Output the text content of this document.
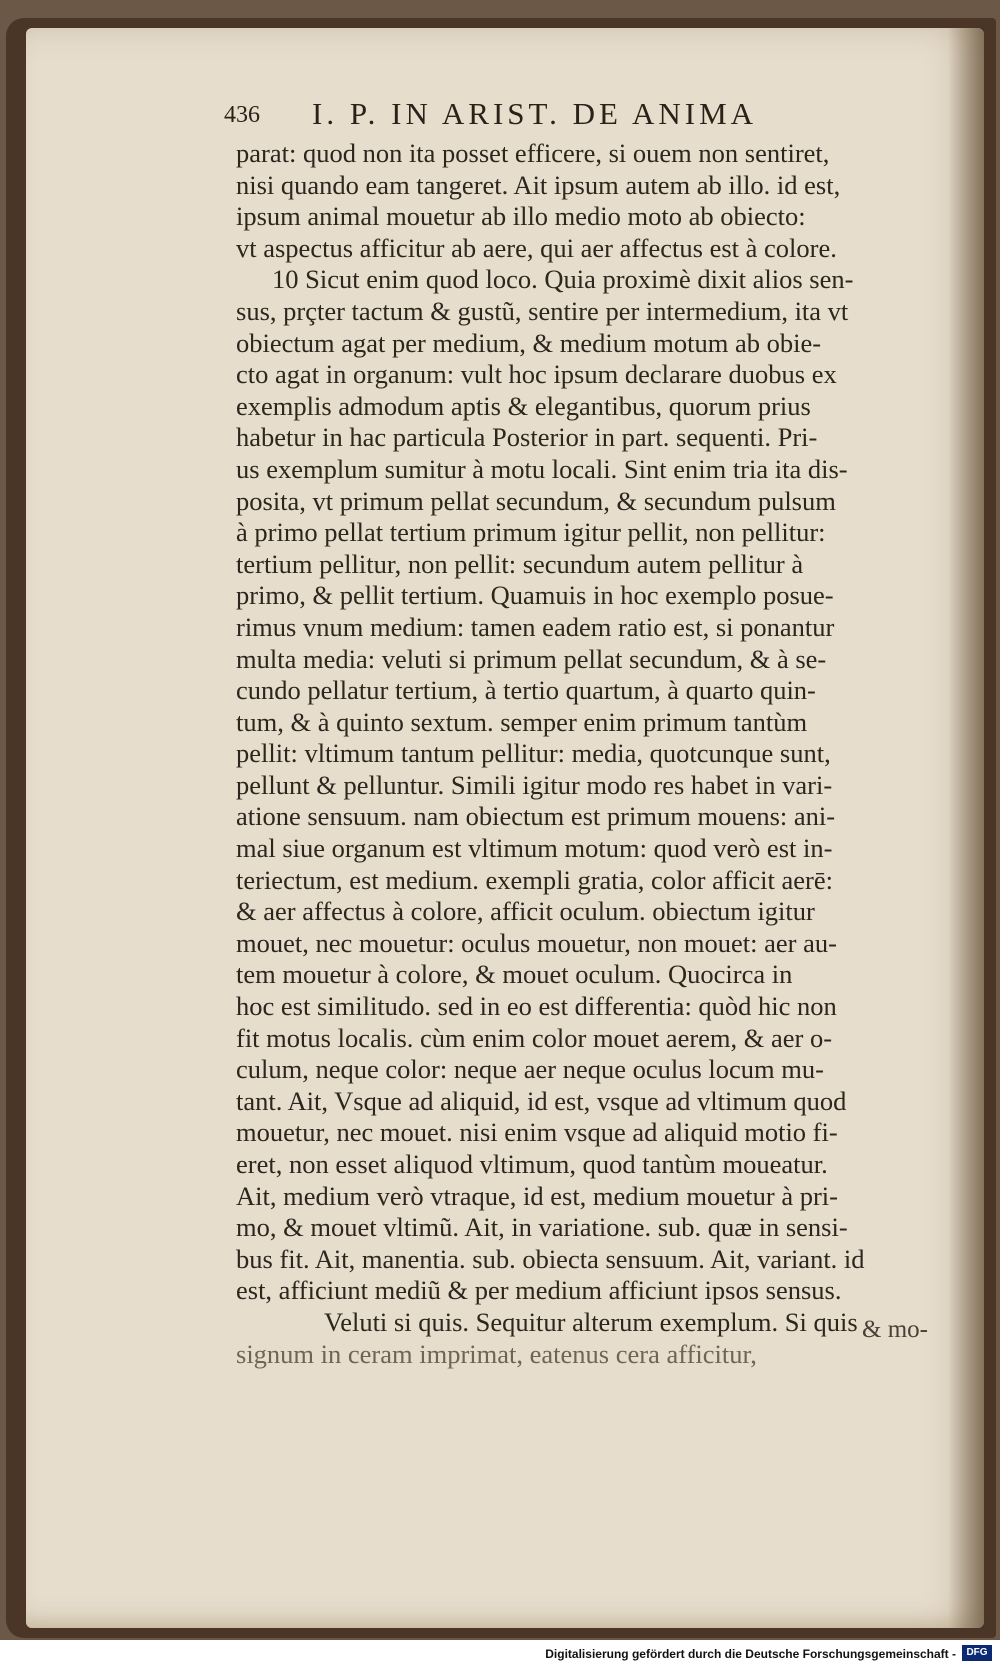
436 I. P. IN ARIST. DE ANIMA
parat: quod non ita posset efficere, si ouem non sentiret,
nisi quando eam tangeret. Ait ipsum autem ab illo. id est,
ipsum animal mouetur ab illo medio moto ab obiecto:
vt aspectus afficitur ab aere, qui aer affectus est à colore.
10 Sicut enim quod loco. Quia proximè dixit alios sen-
sus, prçter tactum & gustũ, sentire per intermedium, ita vt
obiectum agat per medium, & medium motum ab obie-
cto agat in organum: vult hoc ipsum declarare duobus ex
exemplis admodum aptis & elegantibus, quorum prius
habetur in hac particula Posterior in part. sequenti. Pri-
us exemplum sumitur à motu locali. Sint enim tria ita dis-
posita, vt primum pellat secundum, & secundum pulsum
à primo pellat tertium primum igitur pellit, non pellitur:
tertium pellitur, non pellit: secundum autem pellitur à
primo, & pellit tertium. Quamuis in hoc exemplo posue-
rimus vnum medium: tamen eadem ratio est, si ponantur
multa media: veluti si primum pellat secundum, & à se-
cundo pellatur tertium, à tertio quartum, à quarto quin-
tum, & à quinto sextum. semper enim primum tantùm
pellit: vltimum tantum pellitur: media, quotcunque sunt,
pellunt & pelluntur. Simili igitur modo res habet in vari-
atione sensuum. nam obiectum est primum mouens: ani-
mal siue organum est vltimum motum: quod verò est in-
teriectum, est medium. exempli gratia, color afficit aerē:
& aer affectus à colore, afficit oculum. obiectum igitur
mouet, nec mouetur: oculus mouetur, non mouet: aer au-
tem mouetur à colore, & mouet oculum. Quocirca in
hoc est similitudo. sed in eo est differentia: quòd hic non
fit motus localis. cùm enim color mouet aerem, & aer o-
culum, neque color: neque aer neque oculus locum mu-
tant. Ait, Vsque ad aliquid, id est, vsque ad vltimum quod
mouetur, nec mouet. nisi enim vsque ad aliquid motio fi-
eret, non esset aliquod vltimum, quod tantùm moueatur.
Ait, medium verò vtraque, id est, medium mouetur à pri-
mo, & mouet vltimũ. Ait, in variatione. sub. quæ in sensi-
bus fit. Ait, manentia. sub. obiecta sensuum. Ait, variant. id
est, afficiunt mediũ & per medium afficiunt ipsos sensus.
Veluti si quis. Sequitur alterum exemplum. Si quis
signum in ceram imprimat, eatenus cera afficitur,
& mo-
Digitalisierung gefördert durch die Deutsche Forschungsgemeinschaft -	DFG
